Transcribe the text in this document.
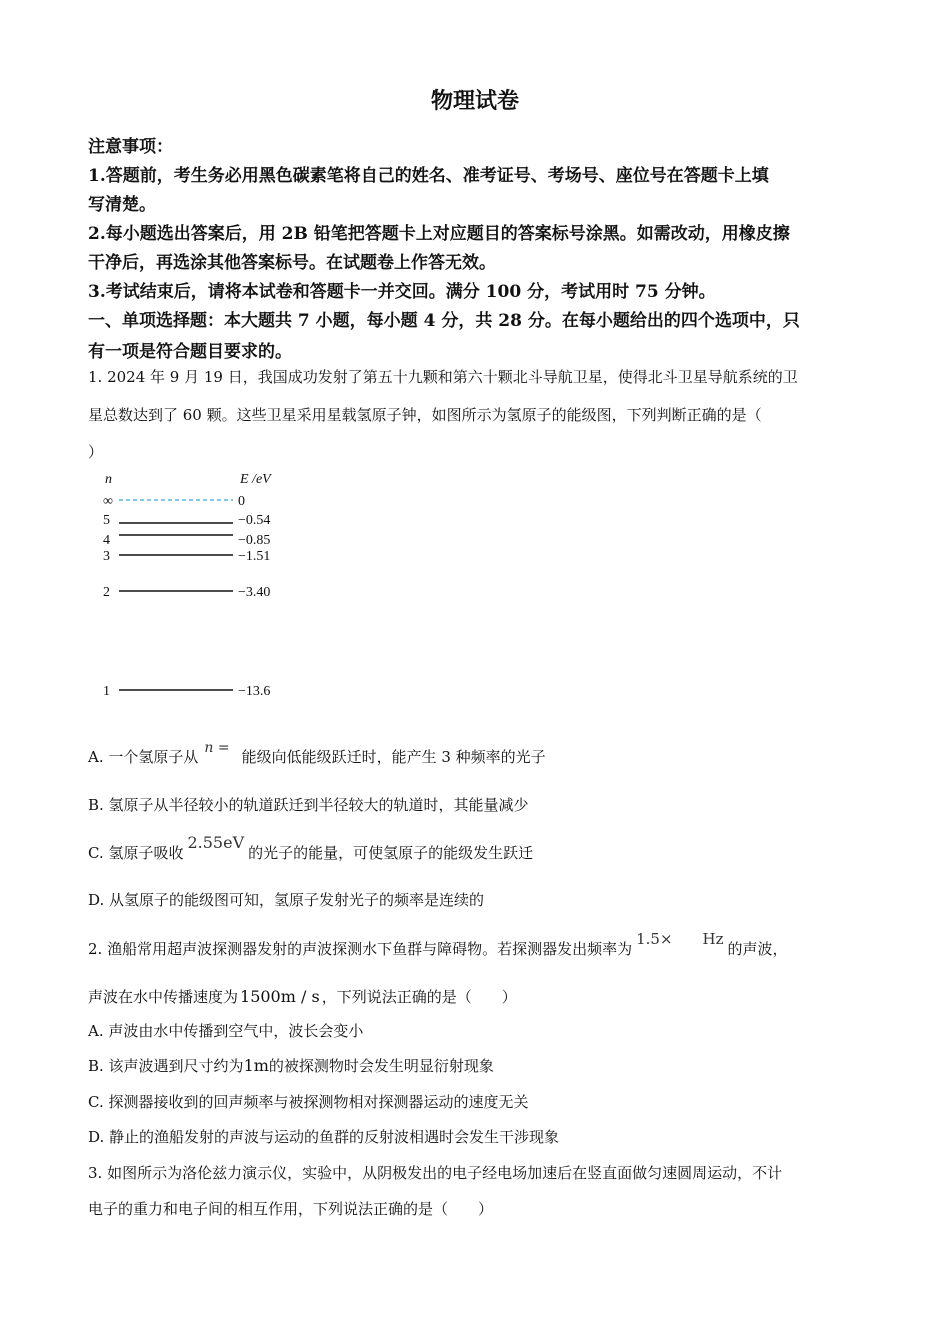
物理试卷
注意事项：
1.答题前，考生务必用黑色碳素笔将自己的姓名、准考证号、考场号、座位号在答题卡上填
写清楚。
2.每小题选出答案后，用 2B 铅笔把答题卡上对应题目的答案标号涂黑。如需改动，用橡皮擦
干净后，再选涂其他答案标号。在试题卷上作答无效。
3.考试结束后，请将本试卷和答题卡一并交回。满分 100 分，考试用时 75 分钟。
一、单项选择题：本大题共 7 小题，每小题 4 分，共 28 分。在每小题给出的四个选项中，只
有一项是符合题目要求的。
1. 2024 年 9 月 19 日，我国成功发射了第五十九颗和第六十颗北斗导航卫星，使得北斗卫星导航系统的卫
星总数达到了 60 颗。这些卫星采用星载氢原子钟，如图所示为氢原子的能级图，下列判断正确的是（
）
n	E /eV
∞	0
5	−0.54
4	−0.85
3	−1.51
2	−3.40
1	−13.6
A. 一个氢原子从 n = 能级向低能级跃迁时，能产生 3 种频率的光子
B. 氢原子从半径较小的轨道跃迁到半径较大的轨道时，其能量减少
C. 氢原子吸收2.55eV的光子的能量，可使氢原子的能级发生跃迁
D. 从氢原子的能级图可知，氢原子发射光子的频率是连续的
2. 渔船常用超声波探测器发射的声波探测水下鱼群与障碍物。若探测器发出频率为1.5× Hz的声波，
声波在水中传播速度为 1500m / s ，下列说法正确的是（　　）
A. 声波由水中传播到空气中，波长会变小
B. 该声波遇到尺寸约为1m的被探测物时会发生明显衍射现象
C. 探测器接收到的回声频率与被探测物相对探测器运动的速度无关
D. 静止的渔船发射的声波与运动的鱼群的反射波相遇时会发生干涉现象
3. 如图所示为洛伦兹力演示仪，实验中，从阴极发出的电子经电场加速后在竖直面做匀速圆周运动，不计
电子的重力和电子间的相互作用，下列说法正确的是（　　）
